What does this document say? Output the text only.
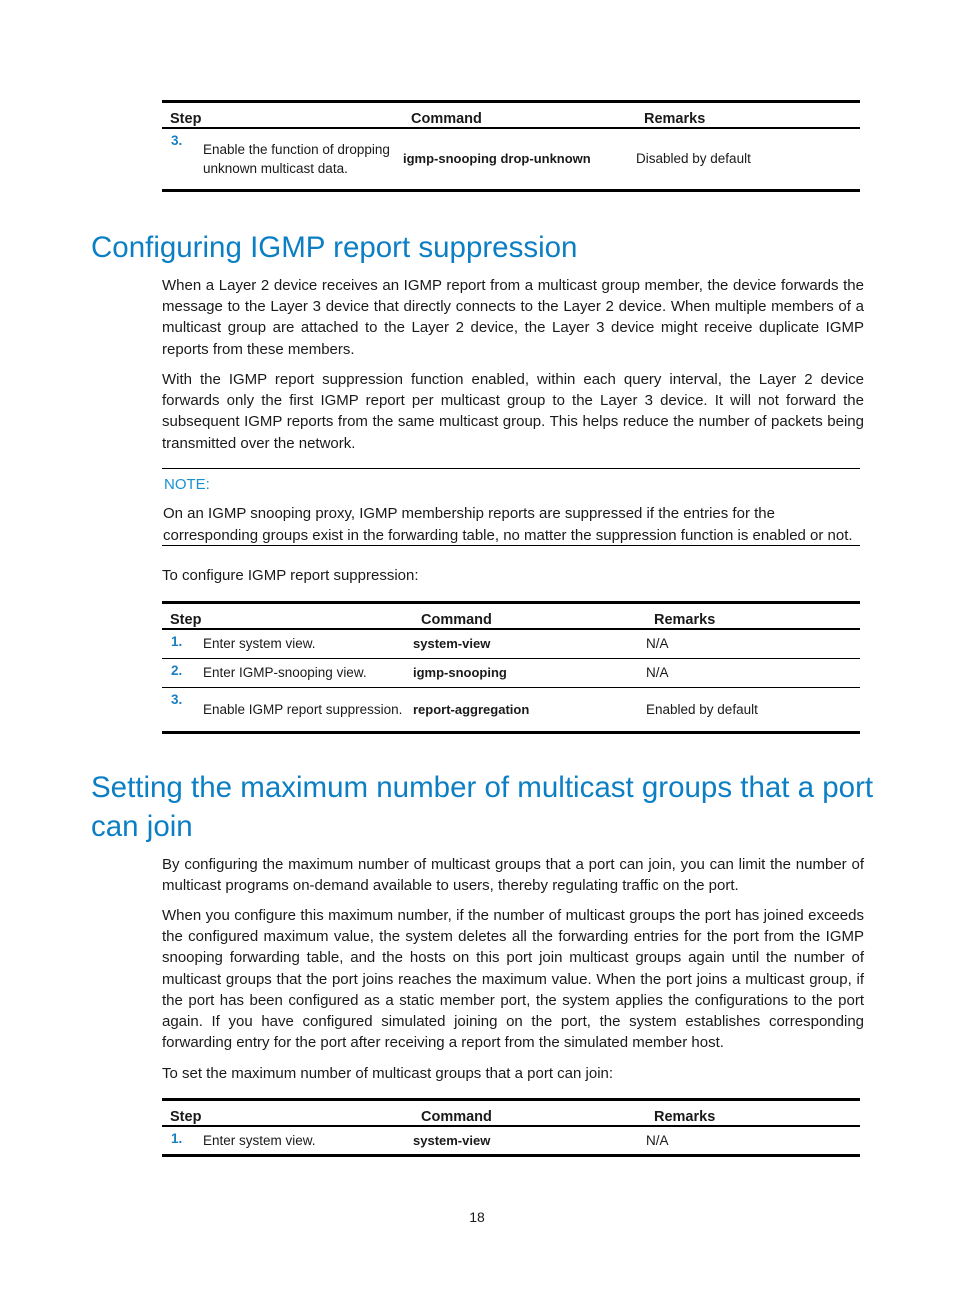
Step		Command	Remarks
3.	Enable the function of dropping unknown multicast data.	igmp-snooping drop-unknown	Disabled by default
Configuring IGMP report suppression

When a Layer 2 device receives an IGMP report from a multicast group member, the device forwards the message to the Layer 3 device that directly connects to the Layer 2 device. When multiple members of a multicast group are attached to the Layer 2 device, the Layer 3 device might receive duplicate IGMP reports from these members.

With the IGMP report suppression function enabled, within each query interval, the Layer 2 device forwards only the first IGMP report per multicast group to the Layer 3 device. It will not forward the subsequent IGMP reports from the same multicast group. This helps reduce the number of packets being transmitted over the network.

NOTE:
On an IGMP snooping proxy, IGMP membership reports are suppressed if the entries for the corresponding groups exist in the forwarding table, no matter the suppression function is enabled or not.

To configure IGMP report suppression:

Step		Command	Remarks
1.	Enter system view.	system-view	N/A
2.	Enter IGMP-snooping view.	igmp-snooping	N/A
3.	Enable IGMP report suppression.	report-aggregation	Enabled by default
Setting the maximum number of multicast groups that a port can join

By configuring the maximum number of multicast groups that a port can join, you can limit the number of multicast programs on-demand available to users, thereby regulating traffic on the port.

When you configure this maximum number, if the number of multicast groups the port has joined exceeds the configured maximum value, the system deletes all the forwarding entries for the port from the IGMP snooping forwarding table, and the hosts on this port join multicast groups again until the number of multicast groups that the port joins reaches the maximum value. When the port joins a multicast group, if the port has been configured as a static member port, the system applies the configurations to the port again. If you have configured simulated joining on the port, the system establishes corresponding forwarding entry for the port after receiving a report from the simulated member host.

To set the maximum number of multicast groups that a port can join:

Step		Command	Remarks
1.	Enter system view.	system-view	N/A
18
